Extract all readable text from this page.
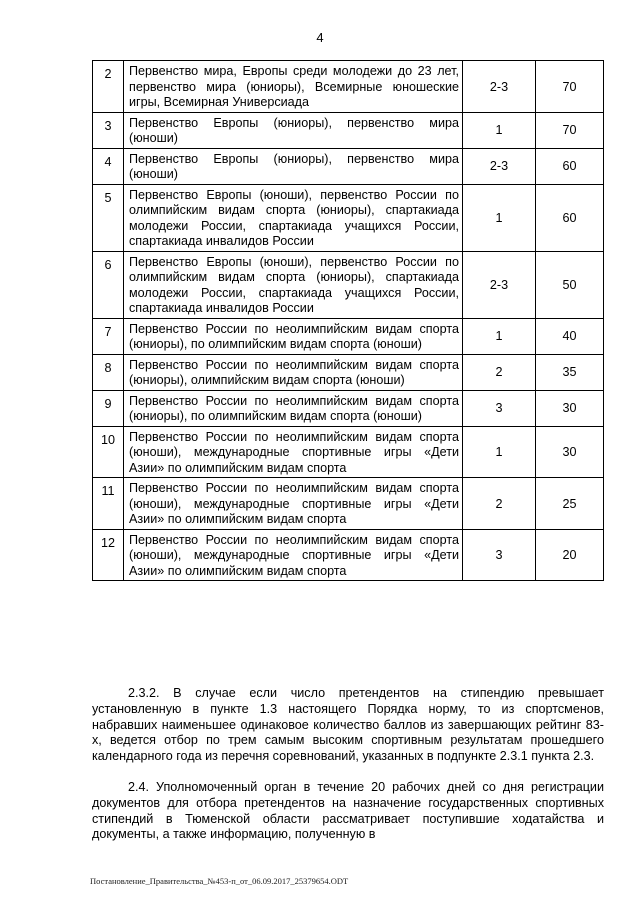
4
2	Первенство мира, Европы среди молодежи до 23 лет, первенство мира (юниоры), Всемирные юношеские игры, Всемирная Универсиада	2-3	70
3	Первенство Европы (юниоры), первенство мира (юноши)	1	70
4	Первенство Европы (юниоры), первенство мира (юноши)	2-3	60
5	Первенство Европы (юноши), первенство России по олимпийским видам спорта (юниоры), спартакиада молодежи России, спартакиада учащихся России, спартакиада инвалидов России	1	60
6	Первенство Европы (юноши), первенство России по олимпийским видам спорта (юниоры), спартакиада молодежи России, спартакиада учащихся России, спартакиада инвалидов России	2-3	50
7	Первенство России по неолимпийским видам спорта (юниоры), по олимпийским видам спорта (юноши)	1	40
8	Первенство России по неолимпийским видам спорта (юниоры), олимпийским видам спорта (юноши)	2	35
9	Первенство России по неолимпийским видам спорта (юниоры), по олимпийским видам спорта (юноши)	3	30
10	Первенство России по неолимпийским видам спорта (юноши), международные спортивные игры «Дети Азии» по олимпийским видам спорта	1	30
11	Первенство России по неолимпийским видам спорта (юноши), международные спортивные игры «Дети Азии» по олимпийским видам спорта	2	25
12	Первенство России по неолимпийским видам спорта (юноши), международные спортивные игры «Дети Азии» по олимпийским видам спорта	3	20

2.3.2. В случае если число претендентов на стипендию превышает установленную в пункте 1.3 настоящего Порядка норму, то из спортсменов, набравших наименьшее одинаковое количество баллов из завершающих рейтинг 83-х, ведется отбор по трем самым высоким спортивным результатам прошедшего календарного года из перечня соревнований, указанных в подпункте 2.3.1 пункта 2.3.

2.4. Уполномоченный орган в течение 20 рабочих дней со дня регистрации документов для отбора претендентов на назначение государственных спортивных стипендий в Тюменской области рассматривает поступившие ходатайства и документы, а также информацию, полученную в

Постановление_Правительства_№453-п_от_06.09.2017_25379654.ODT
